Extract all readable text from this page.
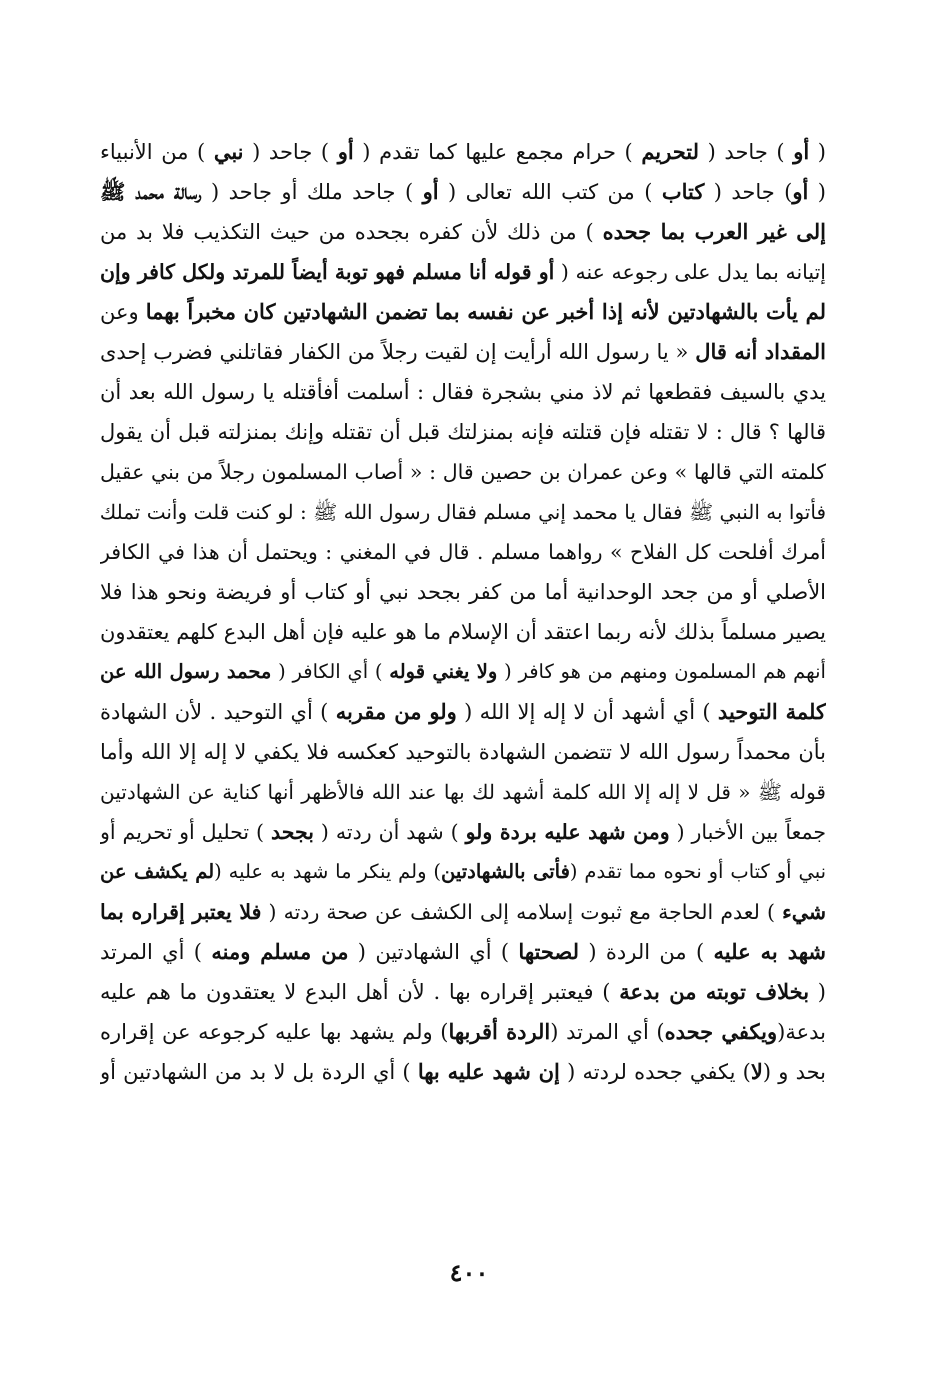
( أو ) جاحد ( لتحريم ) حرام مجمع عليها كما تقدم ( أو ) جاحد ( نبي ) من الأنبياء
( أو) جاحد ( كتاب ) من كتب الله تعالى ( أو ) جاحد ملك أو جاحد ( رسالة محمد ﷺ
إلى غير العرب بما جحده ) من ذلك لأن كفره بجحده من حيث التكذيب فلا بد من
إتيانه بما يدل على رجوعه عنه ( أو قوله أنا مسلم فهو توبة أيضاً للمرتد ولكل كافر وإن
لم يأت بالشهادتين لأنه إذا أخبر عن نفسه بما تضمن الشهادتين كان مخبراً بهما وعن
المقداد أنه قال « يا رسول الله أرأيت إن لقيت رجلاً من الكفار فقاتلني فضرب إحدى
يدي بالسيف فقطعها ثم لاذ مني بشجرة فقال : أسلمت أفأقتله يا رسول الله بعد أن
قالها ؟ قال : لا تقتله فإن قتلته فإنه بمنزلتك قبل أن تقتله وإنك بمنزلته قبل أن يقول
كلمته التي قالها » وعن عمران بن حصين قال : « أصاب المسلمون رجلاً من بني عقيل
فأتوا به النبي ﷺ فقال يا محمد إني مسلم فقال رسول الله ﷺ : لو كنت قلت وأنت تملك
أمرك أفلحت كل الفلاح » رواهما مسلم . قال في المغني : ويحتمل أن هذا في الكافر
الأصلي أو من جحد الوحدانية أما من كفر بجحد نبي أو كتاب أو فريضة ونحو هذا فلا
يصير مسلماً بذلك لأنه ربما اعتقد أن الإسلام ما هو عليه فإن أهل البدع كلهم يعتقدون
أنهم هم المسلمون ومنهم من هو كافر ( ولا يغني قوله ) أي الكافر ( محمد رسول الله عن
كلمة التوحيد ) أي أشهد أن لا إله إلا الله ( ولو من مقربه ) أي التوحيد . لأن الشهادة
بأن محمداً رسول الله لا تتضمن الشهادة بالتوحيد كعكسه فلا يكفي لا إله إلا الله وأما
قوله ﷺ « قل لا إله إلا الله كلمة أشهد لك بها عند الله فالأظهر أنها كناية عن الشهادتين
جمعاً بين الأخبار ( ومن شهد عليه بردة ولو ) شهد أن ردته ( بجحد ) تحليل أو تحريم أو
نبي أو كتاب أو نحوه مما تقدم (فأتى بالشهادتين) ولم ينكر ما شهد به عليه (لم يكشف عن
شيء ) لعدم الحاجة مع ثبوت إسلامه إلى الكشف عن صحة ردته ( فلا يعتبر إقراره بما
شهد به عليه ) من الردة ( لصحتها ) أي الشهادتين ( من مسلم ومنه ) أي المرتد
( بخلاف توبته من بدعة ) فيعتبر إقراره بها . لأن أهل البدع لا يعتقدون ما هم عليه
بدعة(ويكفي جحده) أي المرتد (الردة أقربها) ولم يشهد بها عليه كرجوعه عن إقراره
بحد و (لا) يكفي جحده لردته ( إن شهد عليه بها ) أي الردة بل لا بد من الشهادتين أو
٤٠٠
